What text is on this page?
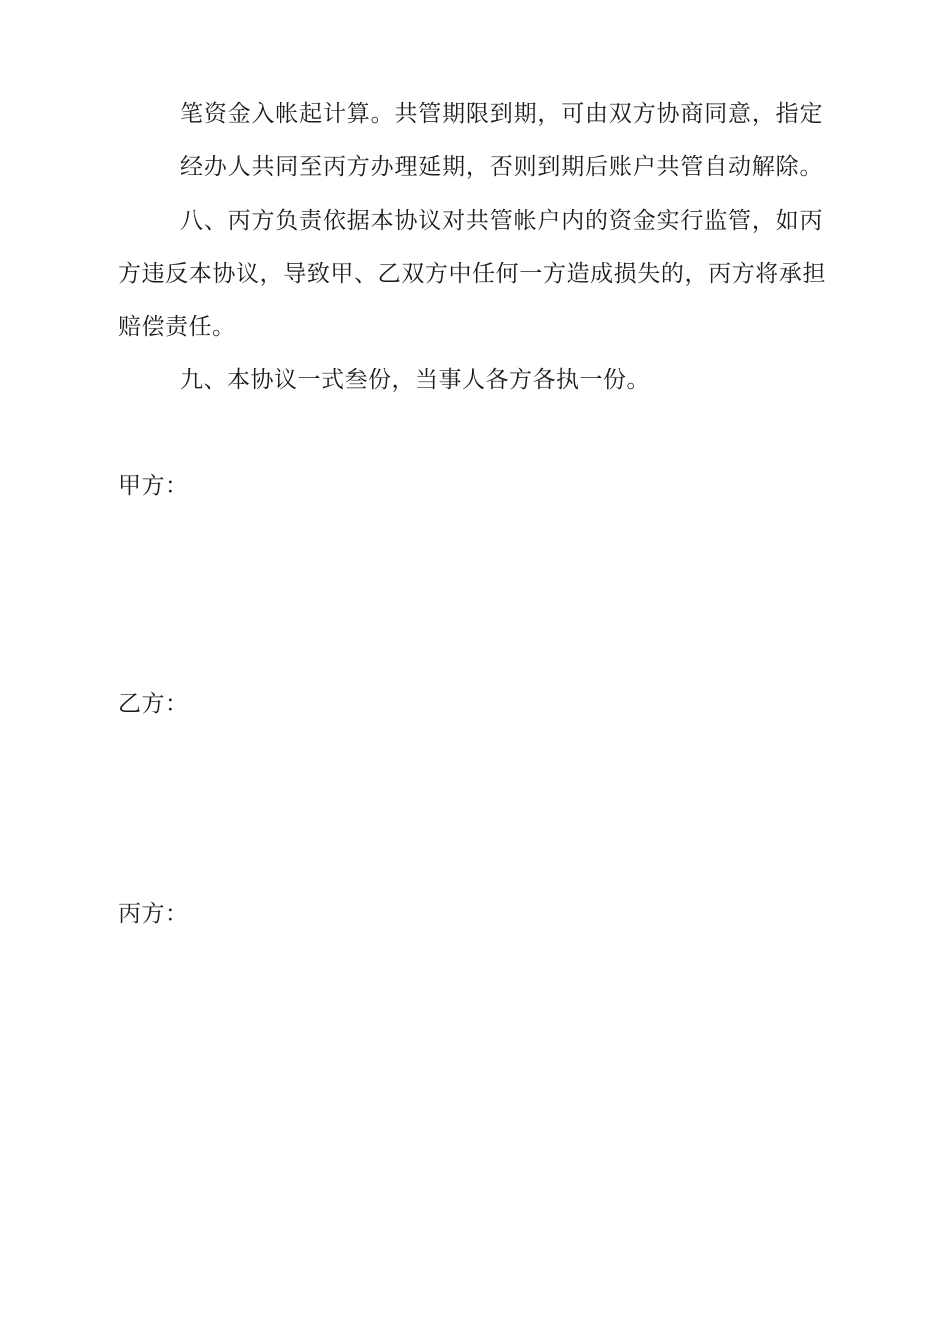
笔资金入帐起计算。共管期限到期，可由双方协商同意，指定
经办人共同至丙方办理延期，否则到期后账户共管自动解除。
八、丙方负责依据本协议对共管帐户内的资金实行监管，如丙
方违反本协议，导致甲、乙双方中任何一方造成损失的，丙方将承担
赔偿责任。
九、本协议一式叁份，当事人各方各执一份。
甲方：
乙方：
丙方：
